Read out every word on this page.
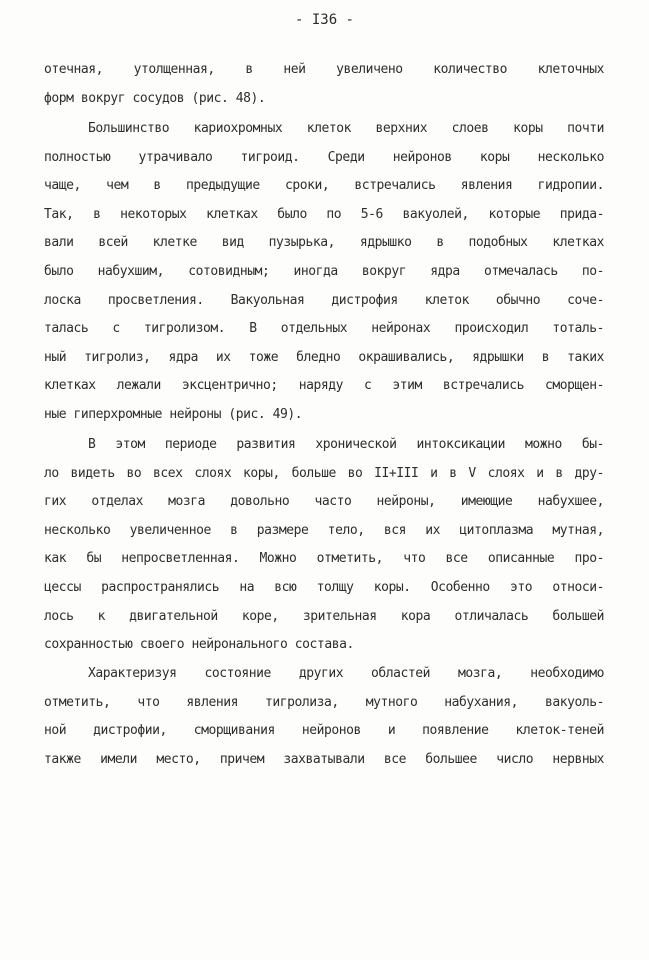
- I36 -
отечная, утолщенная, в ней увеличено количество клеточных
форм вокруг сосудов (рис. 48).
Большинство кариохромных клеток верхних слоев коры почти
полностью утрачивало тигроид. Среди нейронов коры несколько
чаще, чем в предыдущие сроки, встречались явления гидропии.
Так, в некоторых клетках было по 5-6 вакуолей, которые прида-
вали всей клетке вид пузырька, ядрышко в подобных клетках
было набухшим, сотовидным; иногда вокруг ядра отмечалась по-
лоска просветления. Вакуольная дистрофия клеток обычно соче-
талась с тигролизом. В отдельных нейронах происходил тоталь-
ный тигролиз, ядра их тоже бледно окрашивались, ядрышки в таких
клетках лежали эксцентрично; наряду с этим встречались сморщен-
ные гиперхромные нейроны (рис. 49).
В этом периоде развития хронической интоксикации можно бы-
ло видеть во всех слоях коры, больше во II+III и в V слоях и в дру-
гих отделах мозга довольно часто нейроны, имеющие набухшее,
несколько увеличенное в размере тело, вся их цитоплазма мутная,
как бы непросветленная. Можно отметить, что все описанные про-
цессы распространялись на всю толщу коры. Особенно это относи-
лось к двигательной коре, зрительная кора отличалась большей
сохранностью своего нейронального состава.
Характеризуя состояние других областей мозга, необходимо
отметить, что явления тигролиза, мутного набухания, вакуоль-
ной дистрофии, сморщивания нейронов и появление клеток-теней
также имели место, причем захватывали все большее число нервных
